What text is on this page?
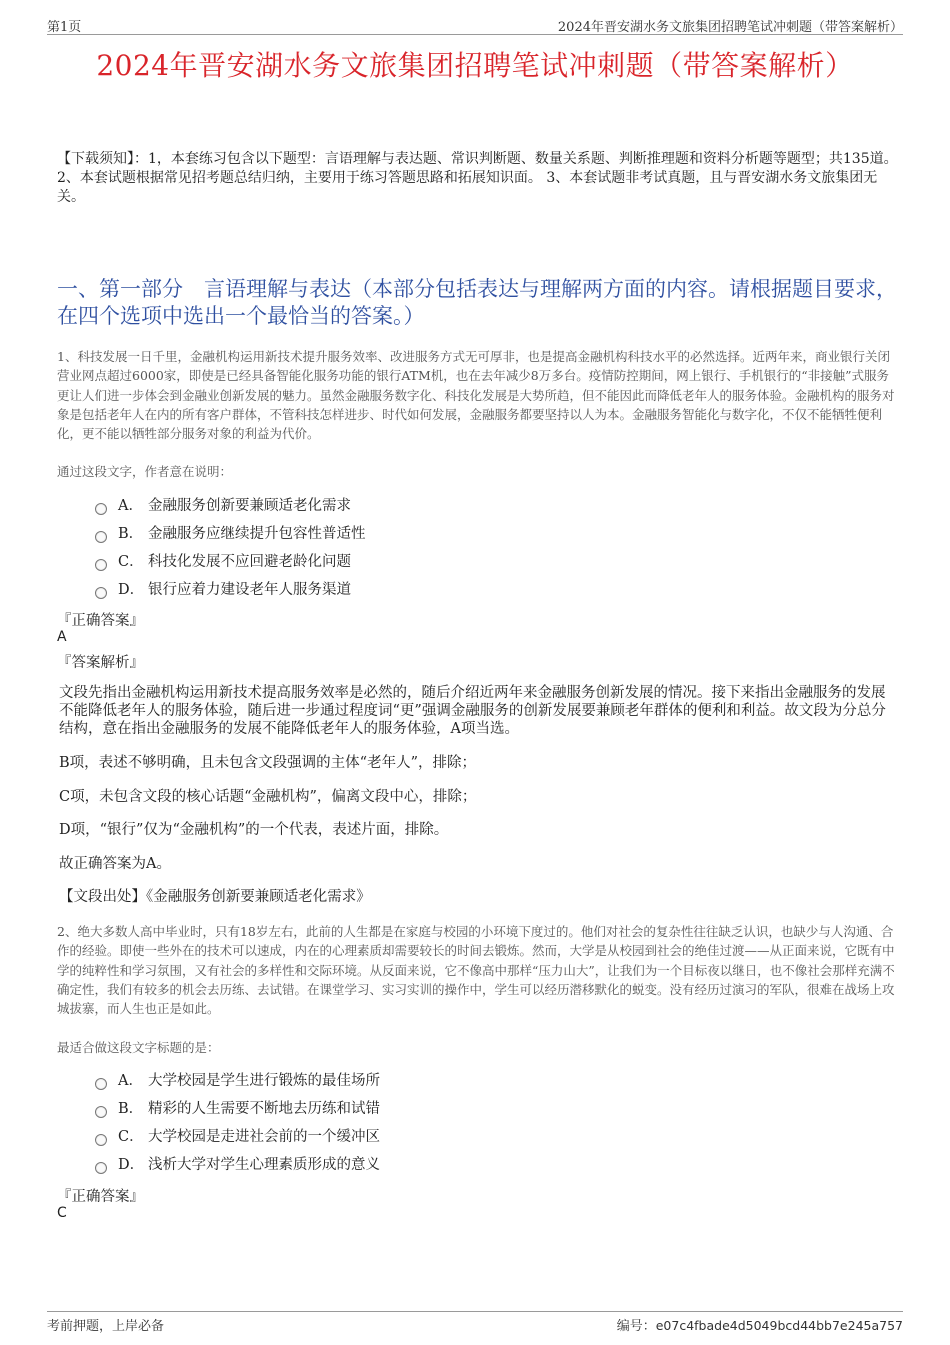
第1页	2024年晋安湖水务文旅集团招聘笔试冲刺题（带答案解析）
2024年晋安湖水务文旅集团招聘笔试冲刺题（带答案解析）
【下载须知】：1，本套练习包含以下题型：言语理解与表达题、常识判断题、数量关系题、判断推理题和资料分析题等题型；共135道。 2、本套试题根据常见招考题总结归纳，主要用于练习答题思路和拓展知识面。 3、本套试题非考试真题，且与晋安湖水务文旅集团无关。
一、第一部分　言语理解与表达（本部分包括表达与理解两方面的内容。请根据题目要求，在四个选项中选出一个最恰当的答案。）
1、科技发展一日千里，金融机构运用新技术提升服务效率、改进服务方式无可厚非，也是提高金融机构科技水平的必然选择。近两年来，商业银行关闭营业网点超过6000家，即使是已经具备智能化服务功能的银行ATM机，也在去年减少8万多台。疫情防控期间，网上银行、手机银行的“非接触”式服务更让人们进一步体会到金融业创新发展的魅力。虽然金融服务数字化、科技化发展是大势所趋，但不能因此而降低老年人的服务体验。金融机构的服务对象是包括老年人在内的所有客户群体，不管科技怎样进步、时代如何发展，金融服务都要坚持以人为本。金融服务智能化与数字化，不仅不能牺牲便利化，更不能以牺牲部分服务对象的利益为代价。
通过这段文字，作者意在说明：
A． 金融服务创新要兼顾适老化需求
B． 金融服务应继续提升包容性普适性
C． 科技化发展不应回避老龄化问题
D． 银行应着力建设老年人服务渠道
『正确答案』
A
『答案解析』
文段先指出金融机构运用新技术提高服务效率是必然的，随后介绍近两年来金融服务创新发展的情况。接下来指出金融服务的发展不能降低老年人的服务体验，随后进一步通过程度词“更”强调金融服务的创新发展要兼顾老年群体的便利和利益。故文段为分总分结构，意在指出金融服务的发展不能降低老年人的服务体验，A项当选。
B项，表述不够明确，且未包含文段强调的主体“老年人”，排除；
C项，未包含文段的核心话题“金融机构”，偏离文段中心，排除；
D项，“银行”仅为“金融机构”的一个代表，表述片面，排除。
故正确答案为A。
【文段出处】《金融服务创新要兼顾适老化需求》
2、绝大多数人高中毕业时，只有18岁左右，此前的人生都是在家庭与校园的小环境下度过的。他们对社会的复杂性往往缺乏认识，也缺少与人沟通、合作的经验。即使一些外在的技术可以速成，内在的心理素质却需要较长的时间去锻炼。然而，大学是从校园到社会的绝佳过渡——从正面来说，它既有中学的纯粹性和学习氛围，又有社会的多样性和交际环境。从反面来说，它不像高中那样“压力山大”，让我们为一个目标夜以继日，也不像社会那样充满不确定性，我们有较多的机会去历练、去试错。在课堂学习、实习实训的操作中，学生可以经历潜移默化的蜕变。没有经历过演习的军队，很难在战场上攻城拔寨，而人生也正是如此。
最适合做这段文字标题的是：
A． 大学校园是学生进行锻炼的最佳场所
B． 精彩的人生需要不断地去历练和试错
C． 大学校园是走进社会前的一个缓冲区
D． 浅析大学对学生心理素质形成的意义
『正确答案』
C
考前押题，上岸必备	编号：e07c4fbade4d5049bcd44bb7e245a757
